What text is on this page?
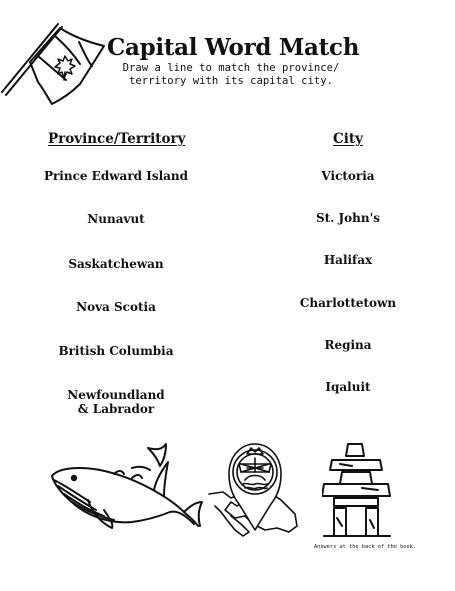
Capital Word Match
Draw a line to match the province/
territory with its capital city.
Province/Territory	City
Prince Edward Island
Nunavut
Saskatchewan
Nova Scotia
British Columbia
Newfoundland
& Labrador
Victoria
St. John's
Halifax
Charlottetown
Regina
Iqaluit
Answers at the back of the book.
